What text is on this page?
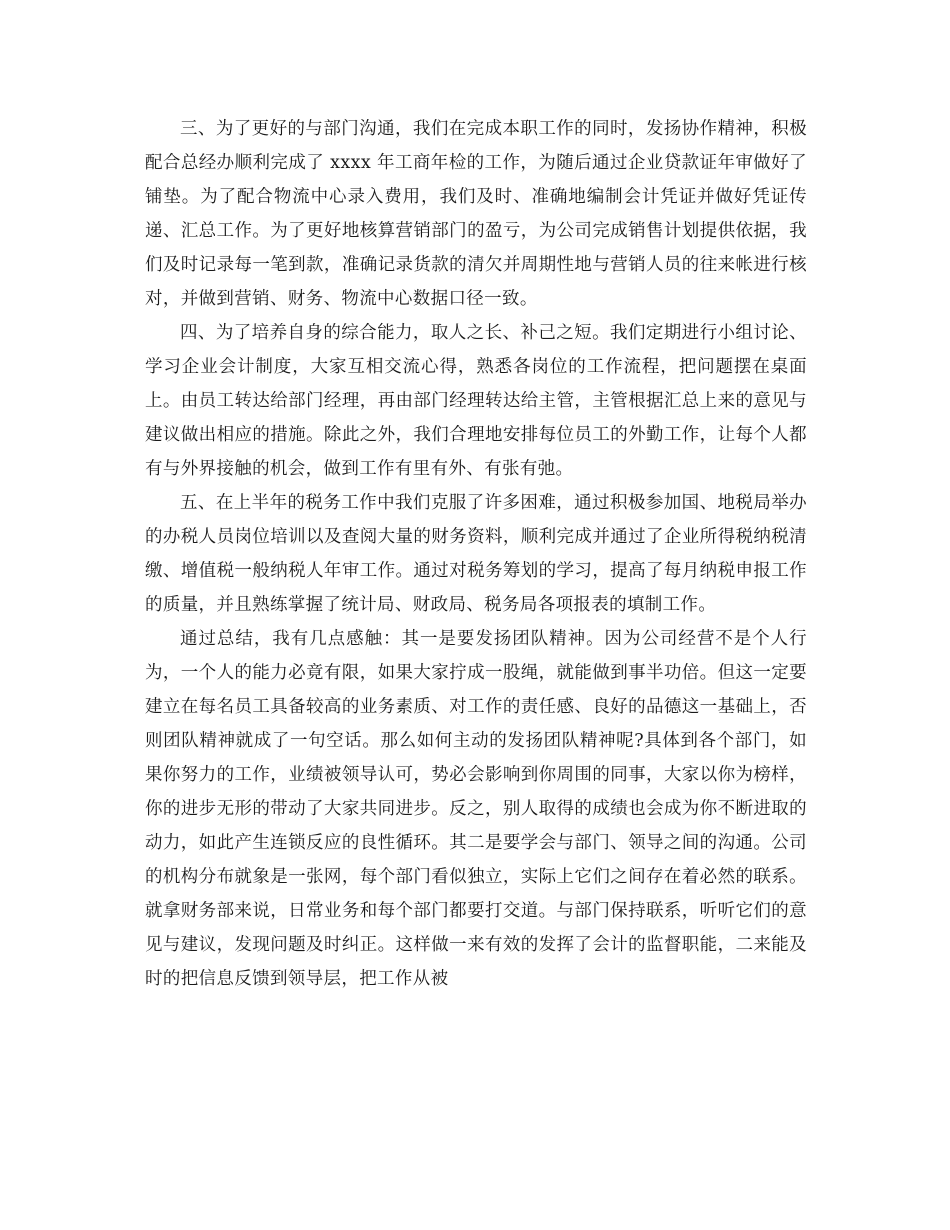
三、为了更好的与部门沟通，我们在完成本职工作的同时，发扬协作精神，积极配合总经办顺利完成了 xxxx 年工商年检的工作，为随后通过企业贷款证年审做好了铺垫。为了配合物流中心录入费用，我们及时、准确地编制会计凭证并做好凭证传递、汇总工作。为了更好地核算营销部门的盈亏，为公司完成销售计划提供依据，我们及时记录每一笔到款，准确记录货款的清欠并周期性地与营销人员的往来帐进行核对，并做到营销、财务、物流中心数据口径一致。

四、为了培养自身的综合能力，取人之长、补己之短。我们定期进行小组讨论、学习企业会计制度，大家互相交流心得，熟悉各岗位的工作流程，把问题摆在桌面上。由员工转达给部门经理，再由部门经理转达给主管，主管根据汇总上来的意见与建议做出相应的措施。除此之外，我们合理地安排每位员工的外勤工作，让每个人都有与外界接触的机会，做到工作有里有外、有张有弛。

五、在上半年的税务工作中我们克服了许多困难，通过积极参加国、地税局举办的办税人员岗位培训以及查阅大量的财务资料，顺利完成并通过了企业所得税纳税清缴、增值税一般纳税人年审工作。通过对税务筹划的学习，提高了每月纳税申报工作的质量，并且熟练掌握了统计局、财政局、税务局各项报表的填制工作。

通过总结，我有几点感触：其一是要发扬团队精神。因为公司经营不是个人行为，一个人的能力必竟有限，如果大家拧成一股绳，就能做到事半功倍。但这一定要建立在每名员工具备较高的业务素质、对工作的责任感、良好的品德这一基础上，否则团队精神就成了一句空话。那么如何主动的发扬团队精神呢?具体到各个部门，如果你努力的工作，业绩被领导认可，势必会影响到你周围的同事，大家以你为榜样，你的进步无形的带动了大家共同进步。反之，别人取得的成绩也会成为你不断进取的动力，如此产生连锁反应的良性循环。其二是要学会与部门、领导之间的沟通。公司的机构分布就象是一张网，每个部门看似独立，实际上它们之间存在着必然的联系。就拿财务部来说，日常业务和每个部门都要打交道。与部门保持联系，听听它们的意见与建议，发现问题及时纠正。这样做一来有效的发挥了会计的监督职能，二来能及时的把信息反馈到领导层，把工作从被
